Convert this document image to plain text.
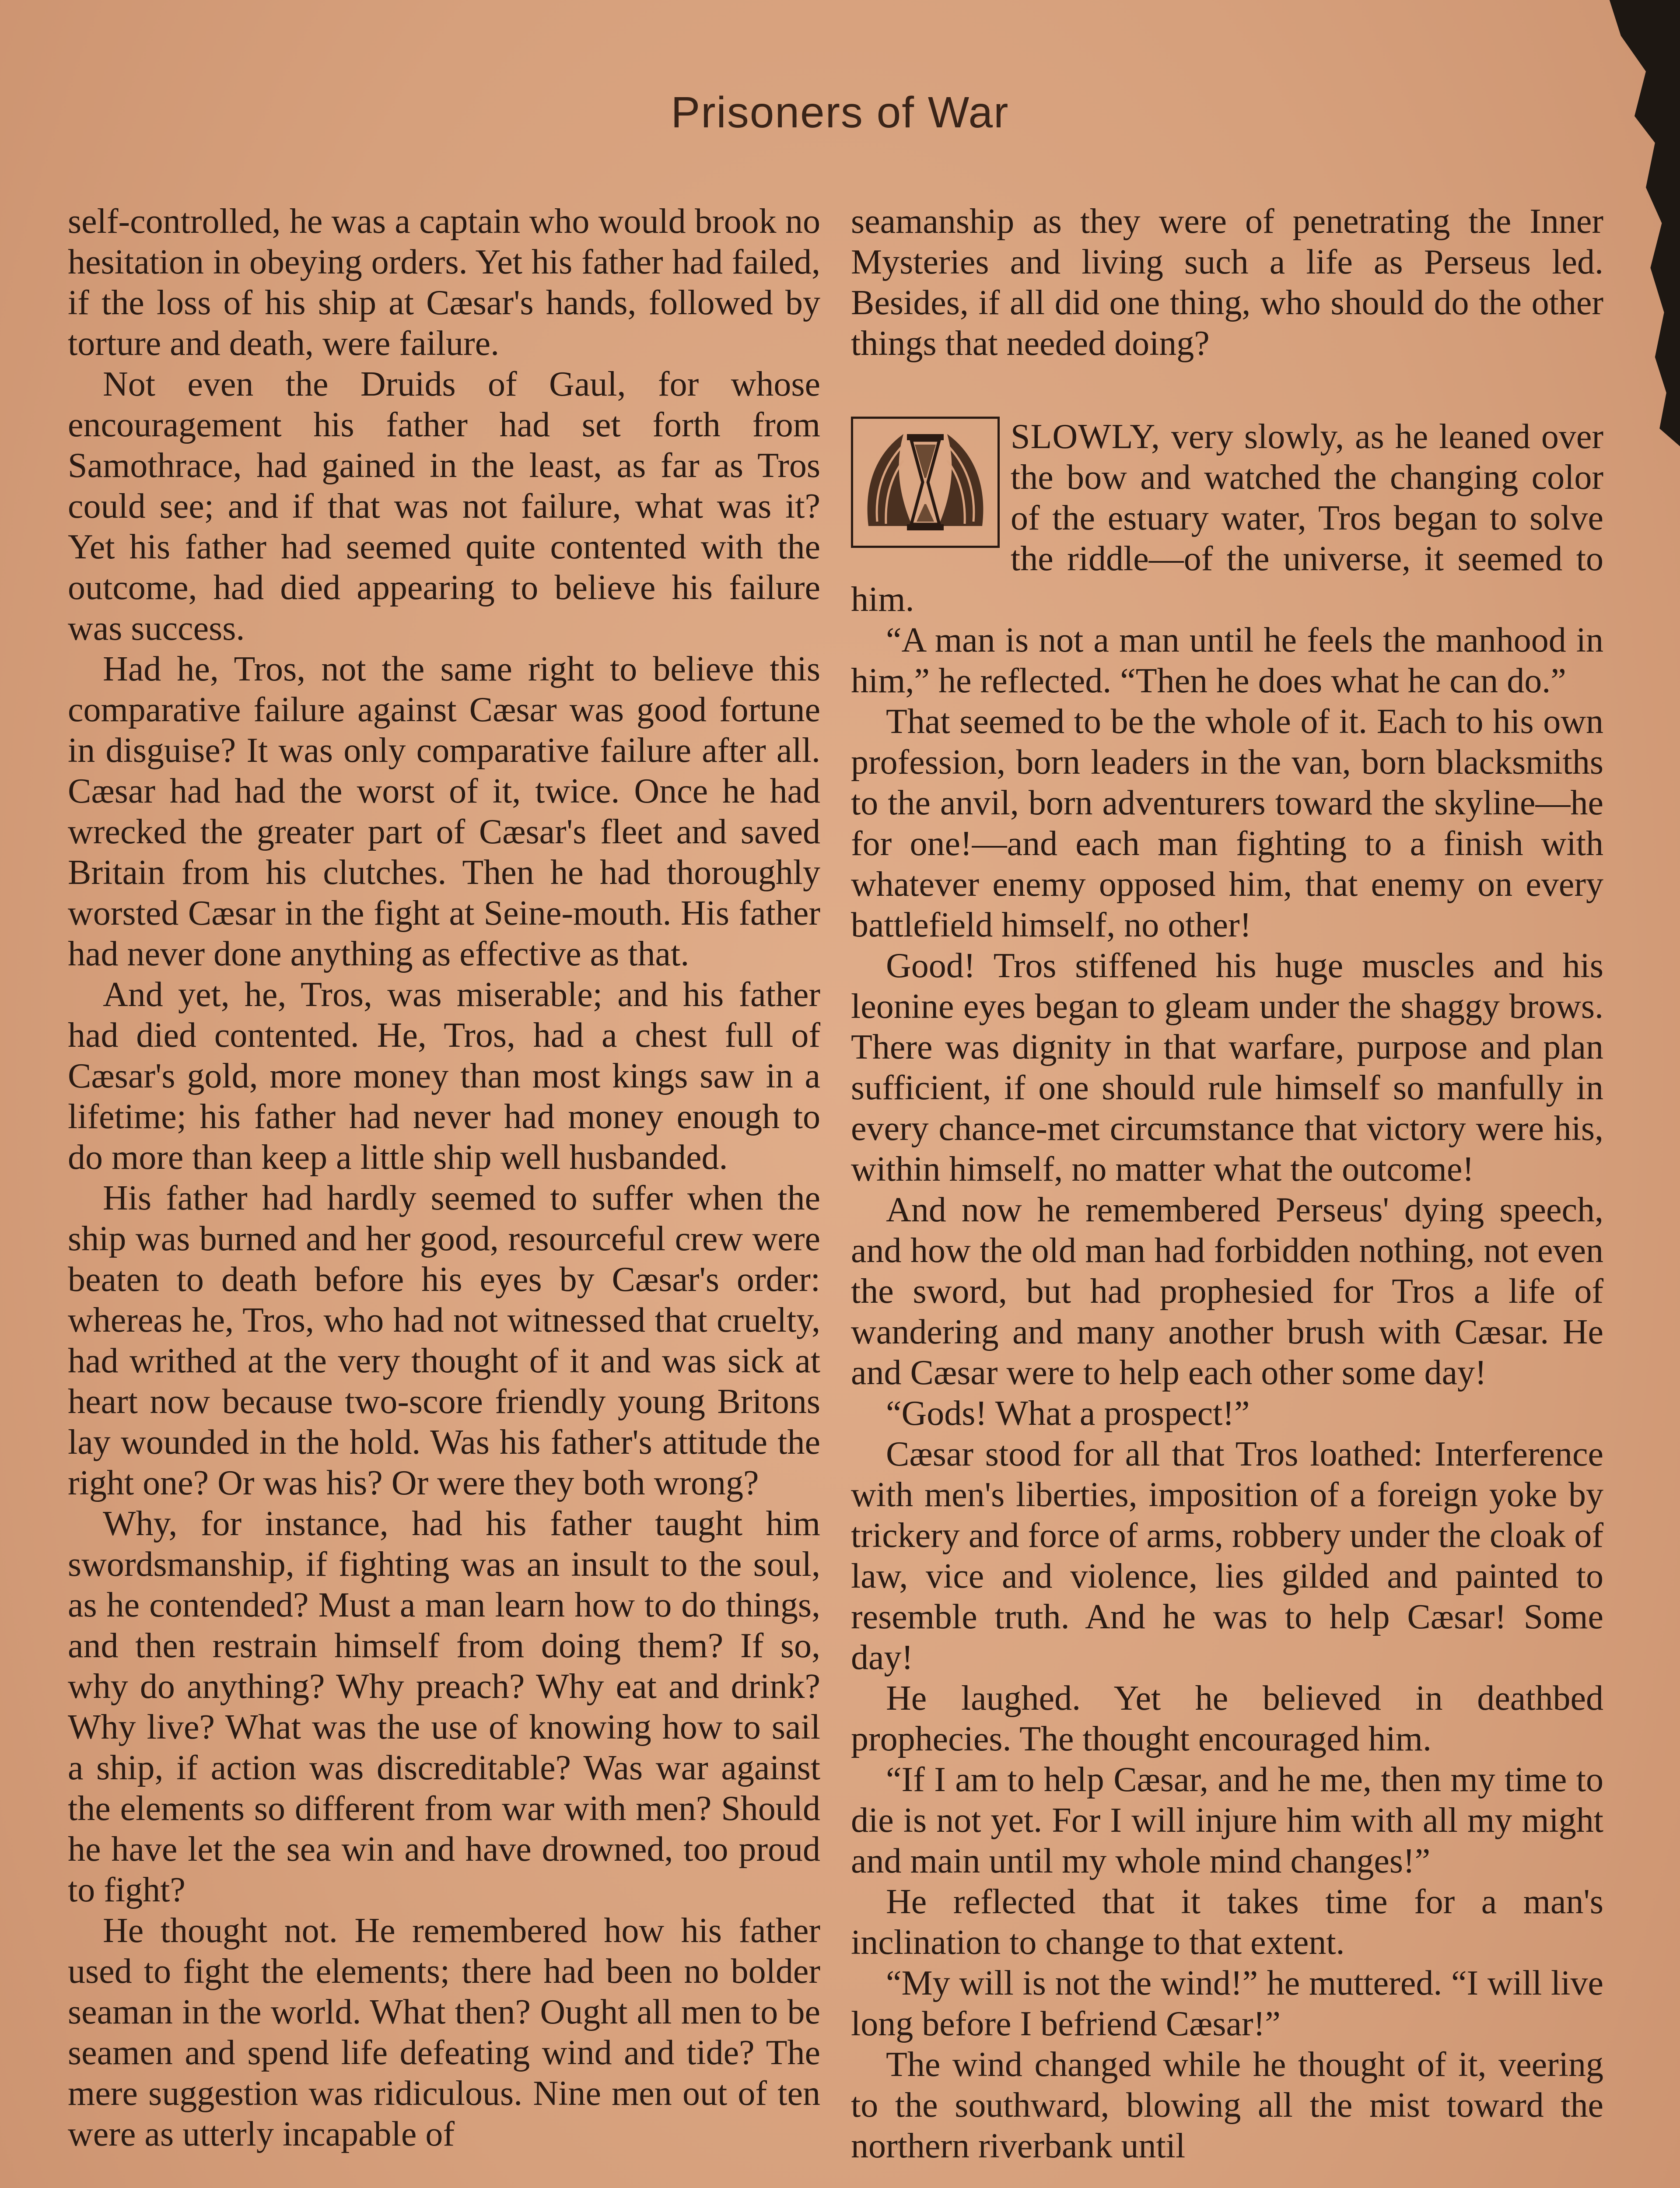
Prisoners of War

self-controlled, he was a captain who would brook no hesitation in obeying orders. Yet his father had failed, if the loss of his ship at Cæsar's hands, followed by torture and death, were failure.

Not even the Druids of Gaul, for whose encouragement his father had set forth from Samothrace, had gained in the least, as far as Tros could see; and if that was not failure, what was it? Yet his father had seemed quite contented with the outcome, had died appearing to believe his failure was success.

Had he, Tros, not the same right to believe this comparative failure against Cæsar was good fortune in disguise? It was only comparative failure after all. Cæsar had had the worst of it, twice. Once he had wrecked the greater part of Cæsar's fleet and saved Britain from his clutches. Then he had thoroughly worsted Cæsar in the fight at Seine-mouth. His father had never done anything as effective as that.

And yet, he, Tros, was miserable; and his father had died contented. He, Tros, had a chest full of Cæsar's gold, more money than most kings saw in a lifetime; his father had never had money enough to do more than keep a little ship well husbanded.

His father had hardly seemed to suffer when the ship was burned and her good, resourceful crew were beaten to death before his eyes by Cæsar's order: whereas he, Tros, who had not witnessed that cruelty, had writhed at the very thought of it and was sick at heart now because two-score friendly young Britons lay wounded in the hold. Was his father's attitude the right one? Or was his? Or were they both wrong?

Why, for instance, had his father taught him swordsmanship, if fighting was an insult to the soul, as he contended? Must a man learn how to do things, and then restrain himself from doing them? If so, why do anything? Why preach? Why eat and drink? Why live? What was the use of knowing how to sail a ship, if action was discreditable? Was war against the elements so different from war with men? Should he have let the sea win and have drowned, too proud to fight?

He thought not. He remembered how his father used to fight the elements; there had been no bolder seaman in the world. What then? Ought all men to be seamen and spend life defeating wind and tide? The mere suggestion was ridiculous. Nine men out of ten were as utterly incapable of

seamanship as they were of penetrating the Inner Mysteries and living such a life as Perseus led. Besides, if all did one thing, who should do the other things that needed doing?

SLOWLY, very slowly, as he leaned over the bow and watched the changing color of the estuary water, Tros began to solve the riddle—of the universe, it seemed to him.

“A man is not a man until he feels the manhood in him,” he reflected. “Then he does what he can do.”

That seemed to be the whole of it. Each to his own profession, born leaders in the van, born blacksmiths to the anvil, born adventurers toward the skyline—he for one!—and each man fighting to a finish with whatever enemy opposed him, that enemy on every battlefield himself, no other!

Good! Tros stiffened his huge muscles and his leonine eyes began to gleam under the shaggy brows. There was dignity in that warfare, purpose and plan sufficient, if one should rule himself so manfully in every chance-met circumstance that victory were his, within himself, no matter what the outcome!

And now he remembered Perseus' dying speech, and how the old man had forbidden nothing, not even the sword, but had prophesied for Tros a life of wandering and many another brush with Cæsar. He and Cæsar were to help each other some day!

“Gods! What a prospect!”

Cæsar stood for all that Tros loathed: Interference with men's liberties, imposition of a foreign yoke by trickery and force of arms, robbery under the cloak of law, vice and violence, lies gilded and painted to resemble truth. And he was to help Cæsar! Some day!

He laughed. Yet he believed in deathbed prophecies. The thought encouraged him.

“If I am to help Cæsar, and he me, then my time to die is not yet. For I will injure him with all my might and main until my whole mind changes!”

He reflected that it takes time for a man's inclination to change to that extent.

“My will is not the wind!” he muttered. “I will live long before I befriend Cæsar!”

The wind changed while he thought of it, veering to the southward, blowing all the mist toward the northern riverbank until
